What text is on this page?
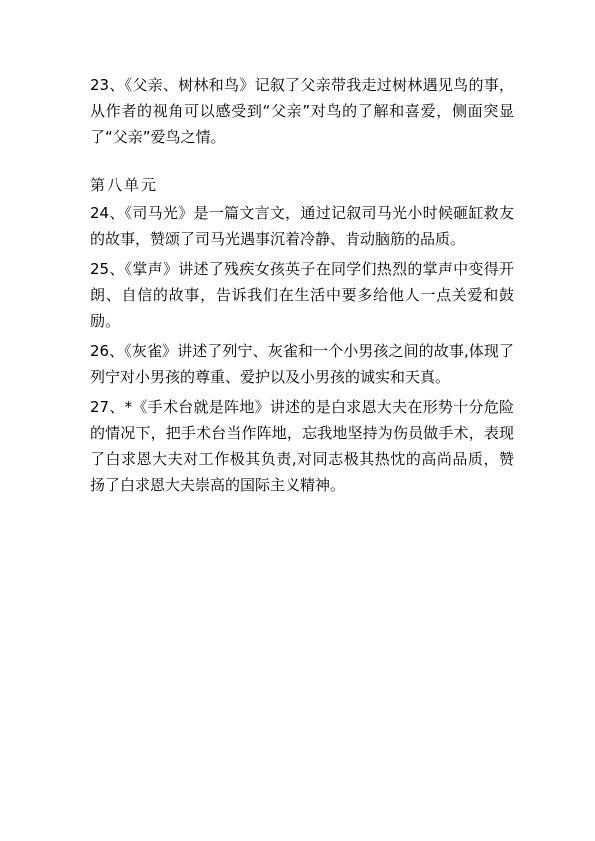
23、《父亲、树林和鸟》记叙了父亲带我走过树林遇见鸟的事，从作者的视角可以感受到“父亲”对鸟的了解和喜爱，侧面突显了“父亲”爱鸟之情。

第八单元

24、《司马光》是一篇文言文，通过记叙司马光小时候砸缸救友的故事，赞颂了司马光遇事沉着冷静、肯动脑筋的品质。

25、《掌声》讲述了残疾女孩英子在同学们热烈的掌声中变得开朗、自信的故事，告诉我们在生活中要多给他人一点关爱和鼓励。

26、《灰雀》讲述了列宁、灰雀和一个小男孩之间的故事,体现了列宁对小男孩的尊重、爱护以及小男孩的诚实和天真。

27、*《手术台就是阵地》讲述的是白求恩大夫在形势十分危险的情况下，把手术台当作阵地，忘我地坚持为伤员做手术，表现了白求恩大夫对工作极其负责,对同志极其热忱的高尚品质，赞扬了白求恩大夫崇高的国际主义精神。
